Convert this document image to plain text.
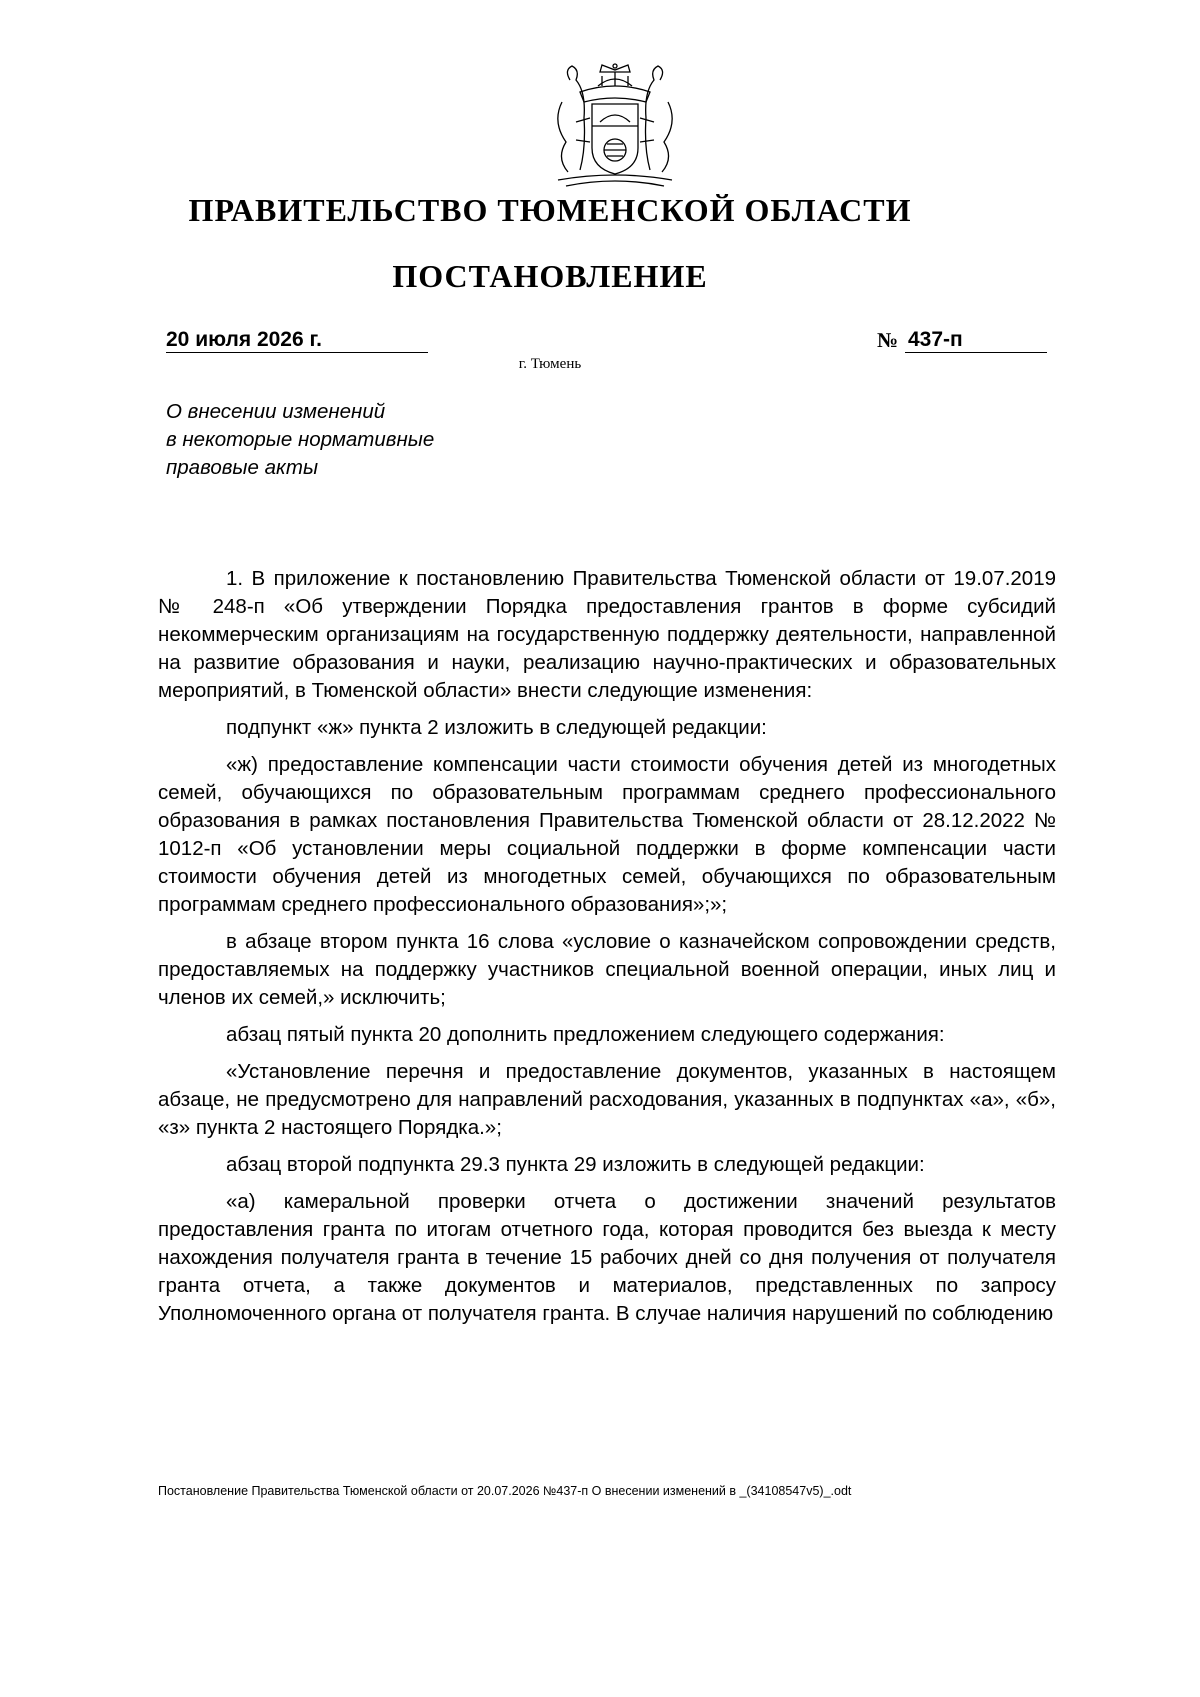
ПРАВИТЕЛЬСТВО ТЮМЕНСКОЙ ОБЛАСТИ
ПОСТАНОВЛЕНИЕ
20 июля 2026 г.	№ 437-п
г. Тюмень
О внесении изменений
в некоторые нормативные
правовые акты

1. В приложение к постановлению Правительства Тюменской области от 19.07.2019 № 248-п «Об утверждении Порядка предоставления грантов в форме субсидий некоммерческим организациям на государственную поддержку деятельности, направленной на развитие образования и науки, реализацию научно-практических и образовательных мероприятий, в Тюменской области» внести следующие изменения:

подпункт «ж» пункта 2 изложить в следующей редакции:

«ж) предоставление компенсации части стоимости обучения детей из многодетных семей, обучающихся по образовательным программам среднего профессионального образования в рамках постановления Правительства Тюменской области от 28.12.2022 № 1012-п «Об установлении меры социальной поддержки в форме компенсации части стоимости обучения детей из многодетных семей, обучающихся по образовательным программам среднего профессионального образования»;»;

в абзаце втором пункта 16 слова «условие о казначейском сопровождении средств, предоставляемых на поддержку участников специальной военной операции, иных лиц и членов их семей,» исключить;

абзац пятый пункта 20 дополнить предложением следующего содержания:

«Установление перечня и предоставление документов, указанных в настоящем абзаце, не предусмотрено для направлений расходования, указанных в подпунктах «а», «б», «з» пункта 2 настоящего Порядка.»;

абзац второй подпункта 29.3 пункта 29 изложить в следующей редакции:

«а) камеральной проверки отчета о достижении значений результатов предоставления гранта по итогам отчетного года, которая проводится без выезда к месту нахождения получателя гранта в течение 15 рабочих дней со дня получения от получателя гранта отчета, а также документов и материалов, представленных по запросу Уполномоченного органа от получателя гранта. В случае наличия нарушений по соблюдению

Постановление Правительства Тюменской области от 20.07.2026 №437-п О внесении изменений в _(34108547v5)_.odt
